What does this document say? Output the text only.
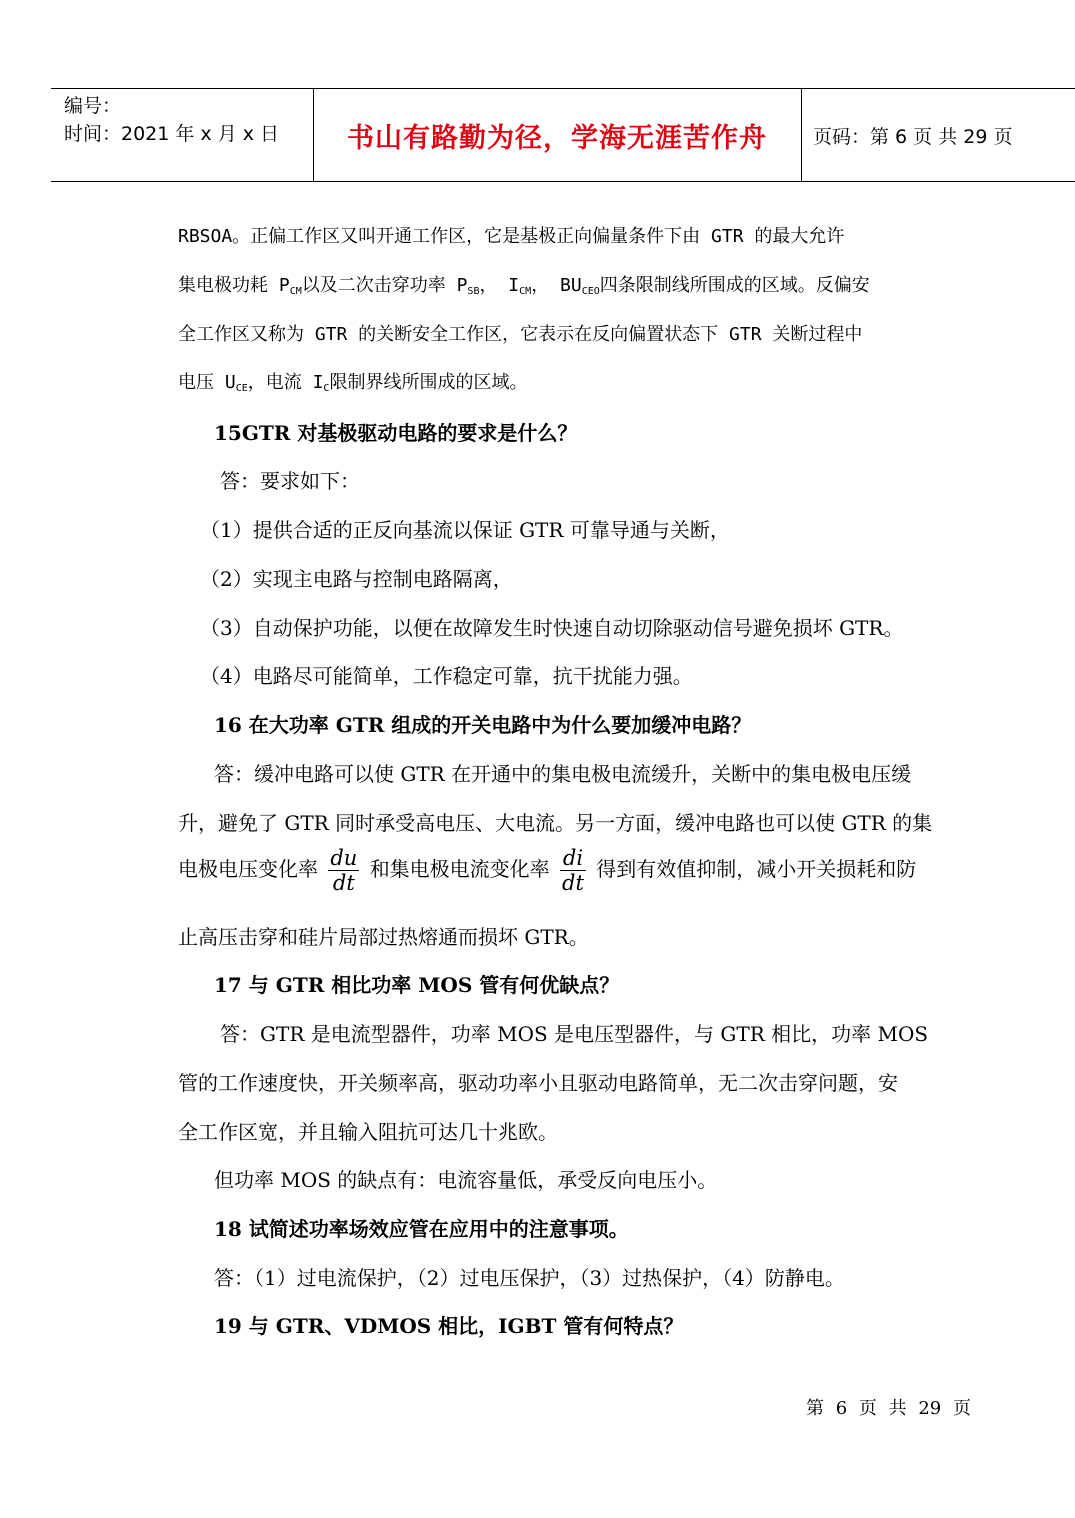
编号：
时间：2021 年 x 月 x 日	书山有路勤为径，学海无涯苦作舟	页码：第 6 页 共 29 页
RBSOA。正偏工作区又叫开通工作区，它是基极正向偏量条件下由 GTR 的最大允许
集电极功耗 $P_{CM}$以及二次击穿功率 $P_{SB}$， $I_{CM}$， $BU_{CEO}$四条限制线所围成的区域。反偏安
全工作区又称为 GTR 的关断安全工作区，它表示在反向偏置状态下 GTR 关断过程中
电压 $U_{CE}$，电流 $I_C$限制界线所围成的区域。
15GTR 对基极驱动电路的要求是什么？
答：要求如下：
（1）提供合适的正反向基流以保证 GTR 可靠导通与关断，
（2）实现主电路与控制电路隔离，
（3）自动保护功能，以便在故障发生时快速自动切除驱动信号避免损坏 GTR。
（4）电路尽可能简单，工作稳定可靠，抗干扰能力强。
16 在大功率 GTR 组成的开关电路中为什么要加缓冲电路？
答：缓冲电路可以使 GTR 在开通中的集电极电流缓升，关断中的集电极电压缓
升，避免了 GTR 同时承受高电压、大电流。另一方面，缓冲电路也可以使 GTR 的集
电极电压变化率 $\frac{du}{dt}$ 和集电极电流变化率 $\frac{di}{dt}$ 得到有效值抑制，减小开关损耗和防
止高压击穿和硅片局部过热熔通而损坏 GTR。
17 与 GTR 相比功率 MOS 管有何优缺点？
答：GTR 是电流型器件，功率 MOS 是电压型器件，与 GTR 相比，功率 MOS
管的工作速度快，开关频率高，驱动功率小且驱动电路简单，无二次击穿问题，安
全工作区宽，并且输入阻抗可达几十兆欧。
但功率 MOS 的缺点有：电流容量低，承受反向电压小。
18 试简述功率场效应管在应用中的注意事项。
答：（1）过电流保护，（2）过电压保护，（3）过热保护，（4）防静电。
19 与 GTR、VDMOS 相比，IGBT 管有何特点？
第 6 页 共 29 页
